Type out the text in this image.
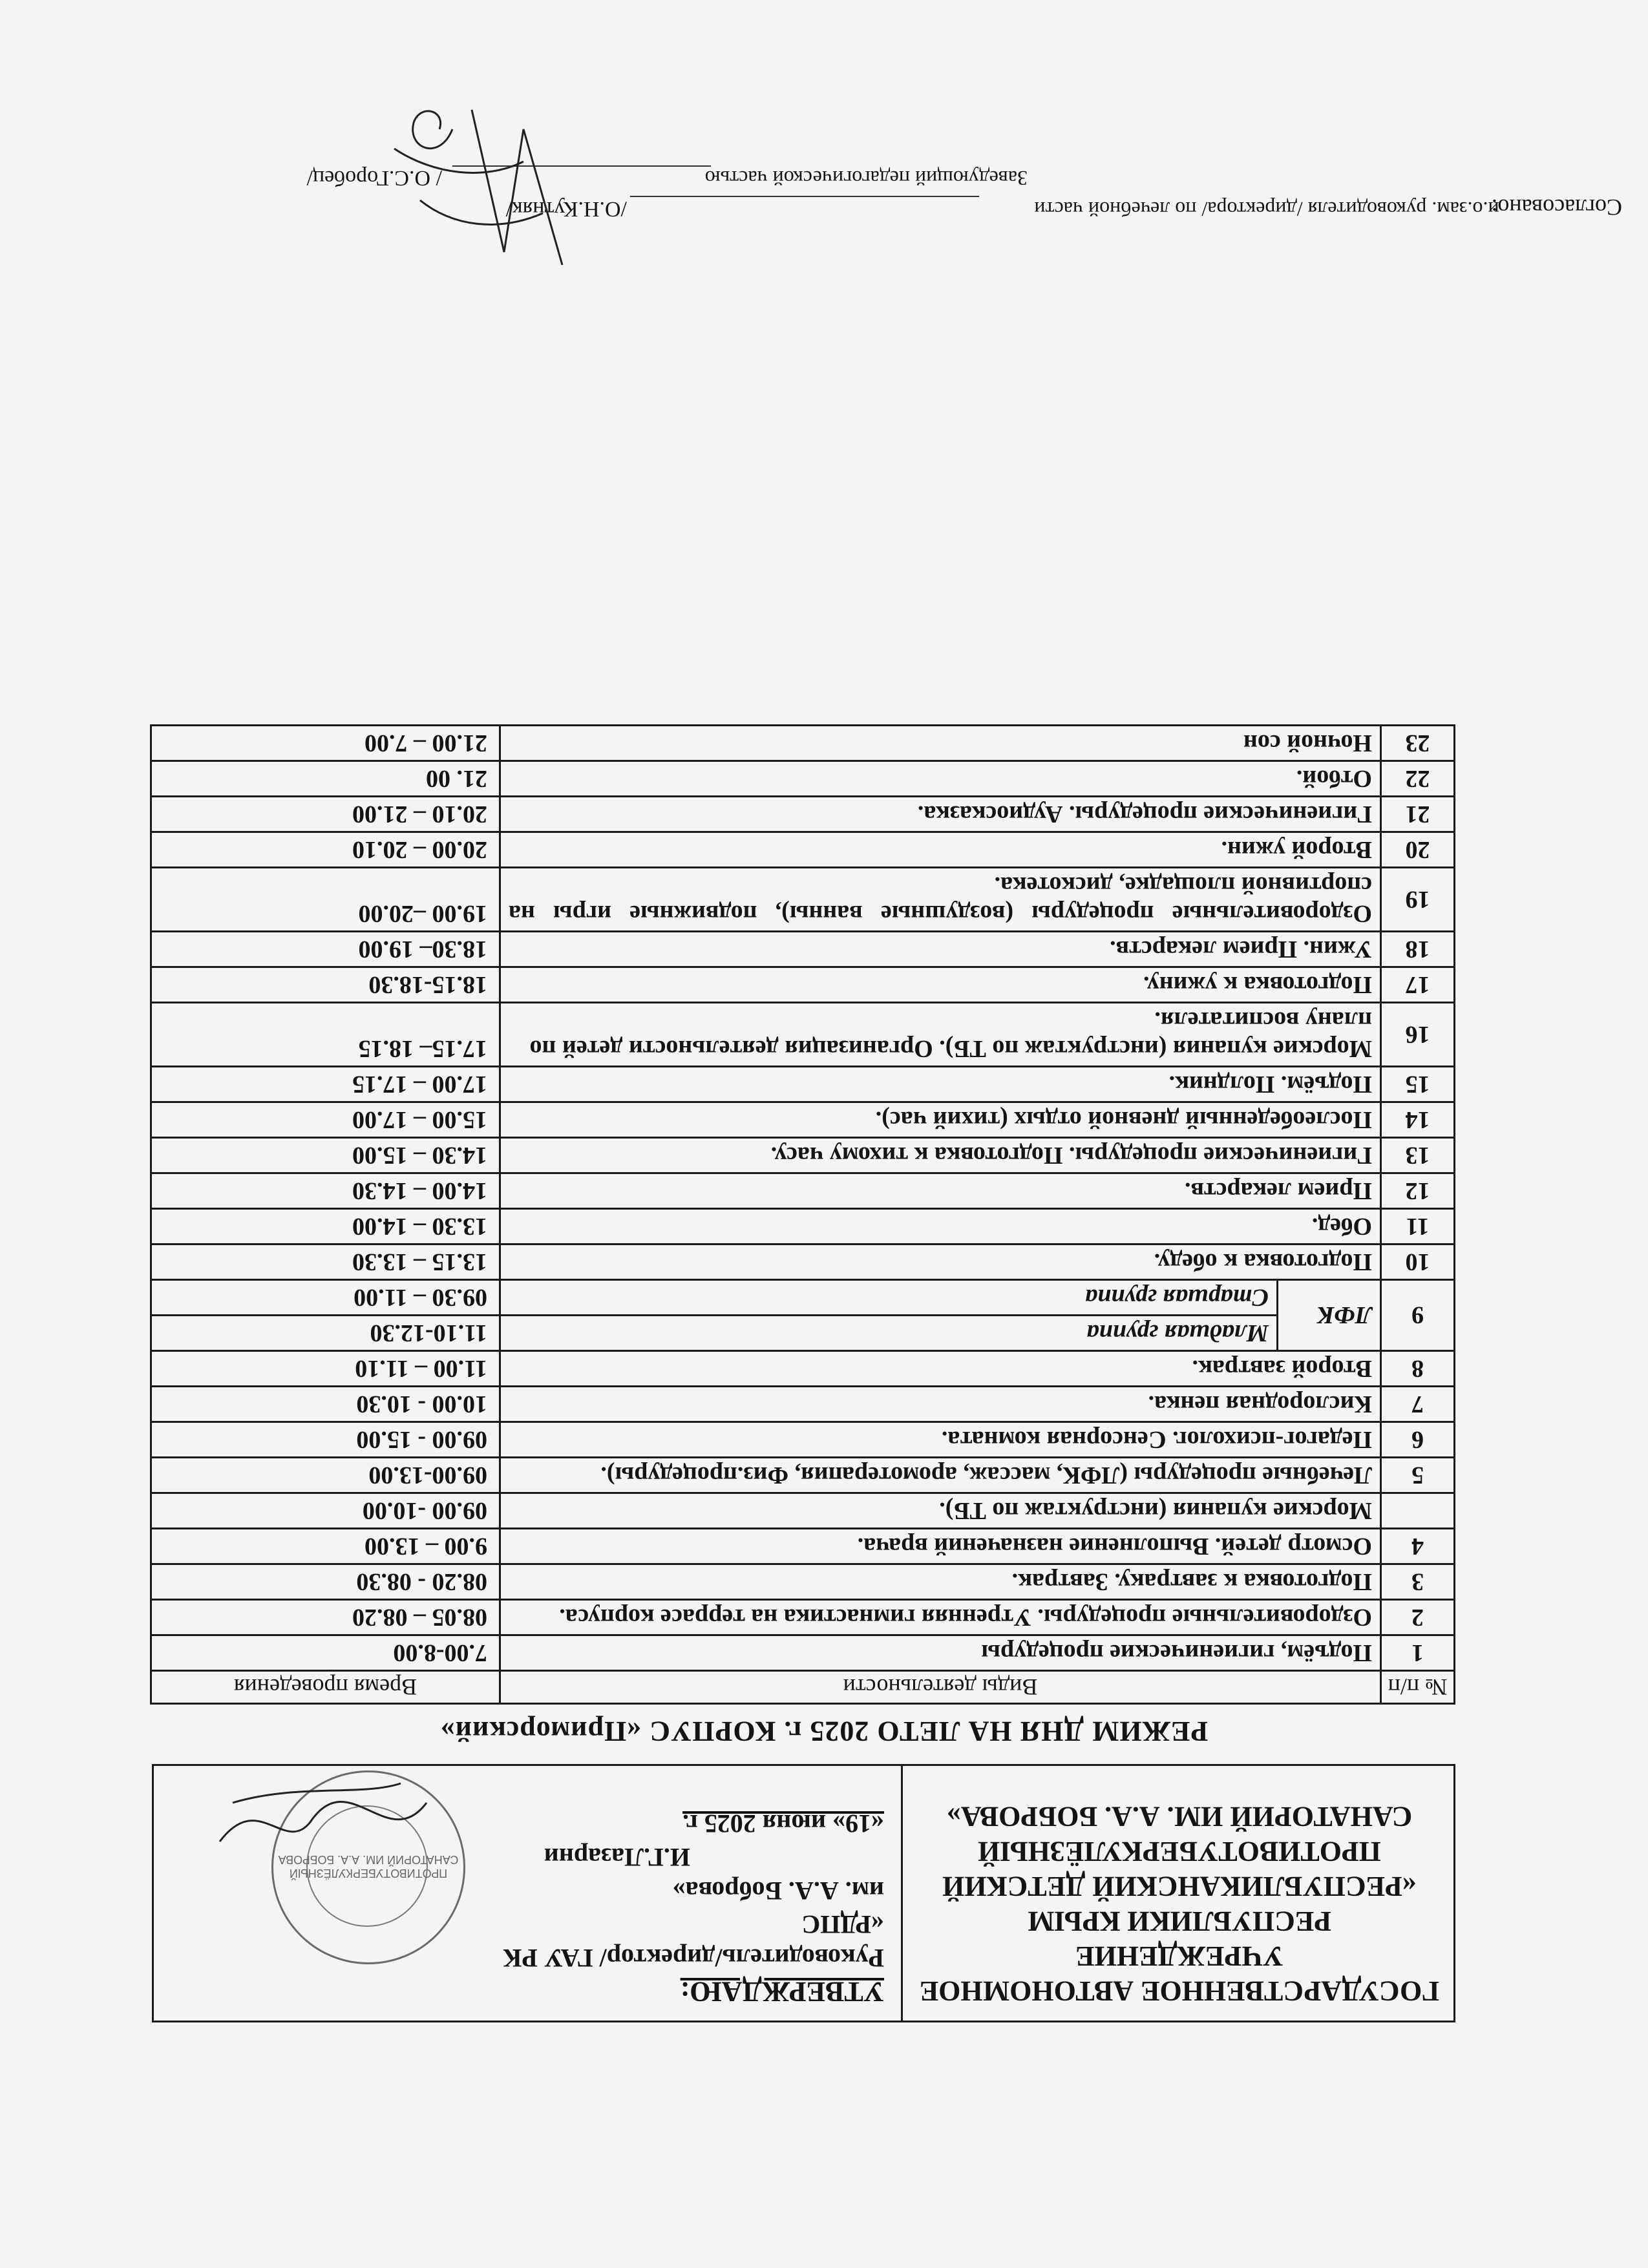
ГОСУДАРСТВЕННОЕ АВТОНОМНОЕ
УЧРЕЖДЕНИЕ
РЕСПУБЛИКИ КРЫМ
«РЕСПУБЛИКАНСКИЙ ДЕТСКИЙ
ПРОТИВОТУБЕРКУЛЁЗНЫЙ
САНАТОРИЙ ИМ. А.А. БОБРОВА»
УТВЕРЖДАЮ:
Руководитель/директор/ ГАУ РК
«РДПС
им. А.А. Боброва»
И.Г.Лазарни
«19» июня 2025 г.
ПРОТИВОТУБЕРКУЛЁЗНЫЙ САНАТОРИЙ ИМ. А.А. БОБРОВА
РЕЖИМ ДНЯ НА ЛЕТО 2025 г. КОРПУС «Приморский»
№ п/п	Виды деятельности		Время проведения
1	Подъём, гигиенические процедуры		7.00-8.00
2	Оздоровительные процедуры. Утренняя гимнастика на террасе корпуса.		08.05 – 08.20
3	Подготовка к завтраку. Завтрак.		08.20 - 08.30
4	Осмотр детей. Выполнение назначений врача.		9.00 – 13.00
	Морские купания (инструктаж по ТБ).		09.00 -10.00
5	Лечебные процедуры (ЛФК, массаж, аромотерапия, Физ.процедуры).		09.00-13.00
6	Педагог-психолог. Сенсорная комната.		09.00 - 15.00
7	Кислородная пенка.		10.00 - 10.30
8	Второй завтрак.		11.00 – 11.10
9	ЛФК	Младшая группа	11.10-12.30
		Старшая группа	09.30 – 11.00
10	Подготовка к обеду.		13.15 – 13.30
11	Обед.		13.30 – 14.00
12	Прием лекарств.		14.00 – 14.30
13	Гигиенические процедуры. Подготовка к тихому часу.		14.30 – 15.00
14	Послеобеденный дневной отдых (тихий час).		15.00 – 17.00
15	Подъём. Полдник.		17.00 – 17.15
16	Морские купания (инструктаж по ТБ). Организация деятельности детей по плану воспитателя.		17.15– 18.15
17	Подготовка к ужину.		18.15-18.30
18	Ужин. Прием лекарств.		18.30– 19.00
19	Оздоровительные процедуры (воздушные ванны), подвижные игры на спортивной площадке, дискотека.		19.00 –20.00
20	Второй ужин.		20.00 – 20.10
21	Гигиенические процедуры. Аудиосказка.		20.10 – 21.00
22	Отбой.		21. 00
23	Ночной сон		21.00 – 7.00
Согласовано:
и.о.зам. руководителя /директора/ по лечебной части
/О.Н.Кутняк/
Заведующий педагогической частью
/ О.С.Горобец/
